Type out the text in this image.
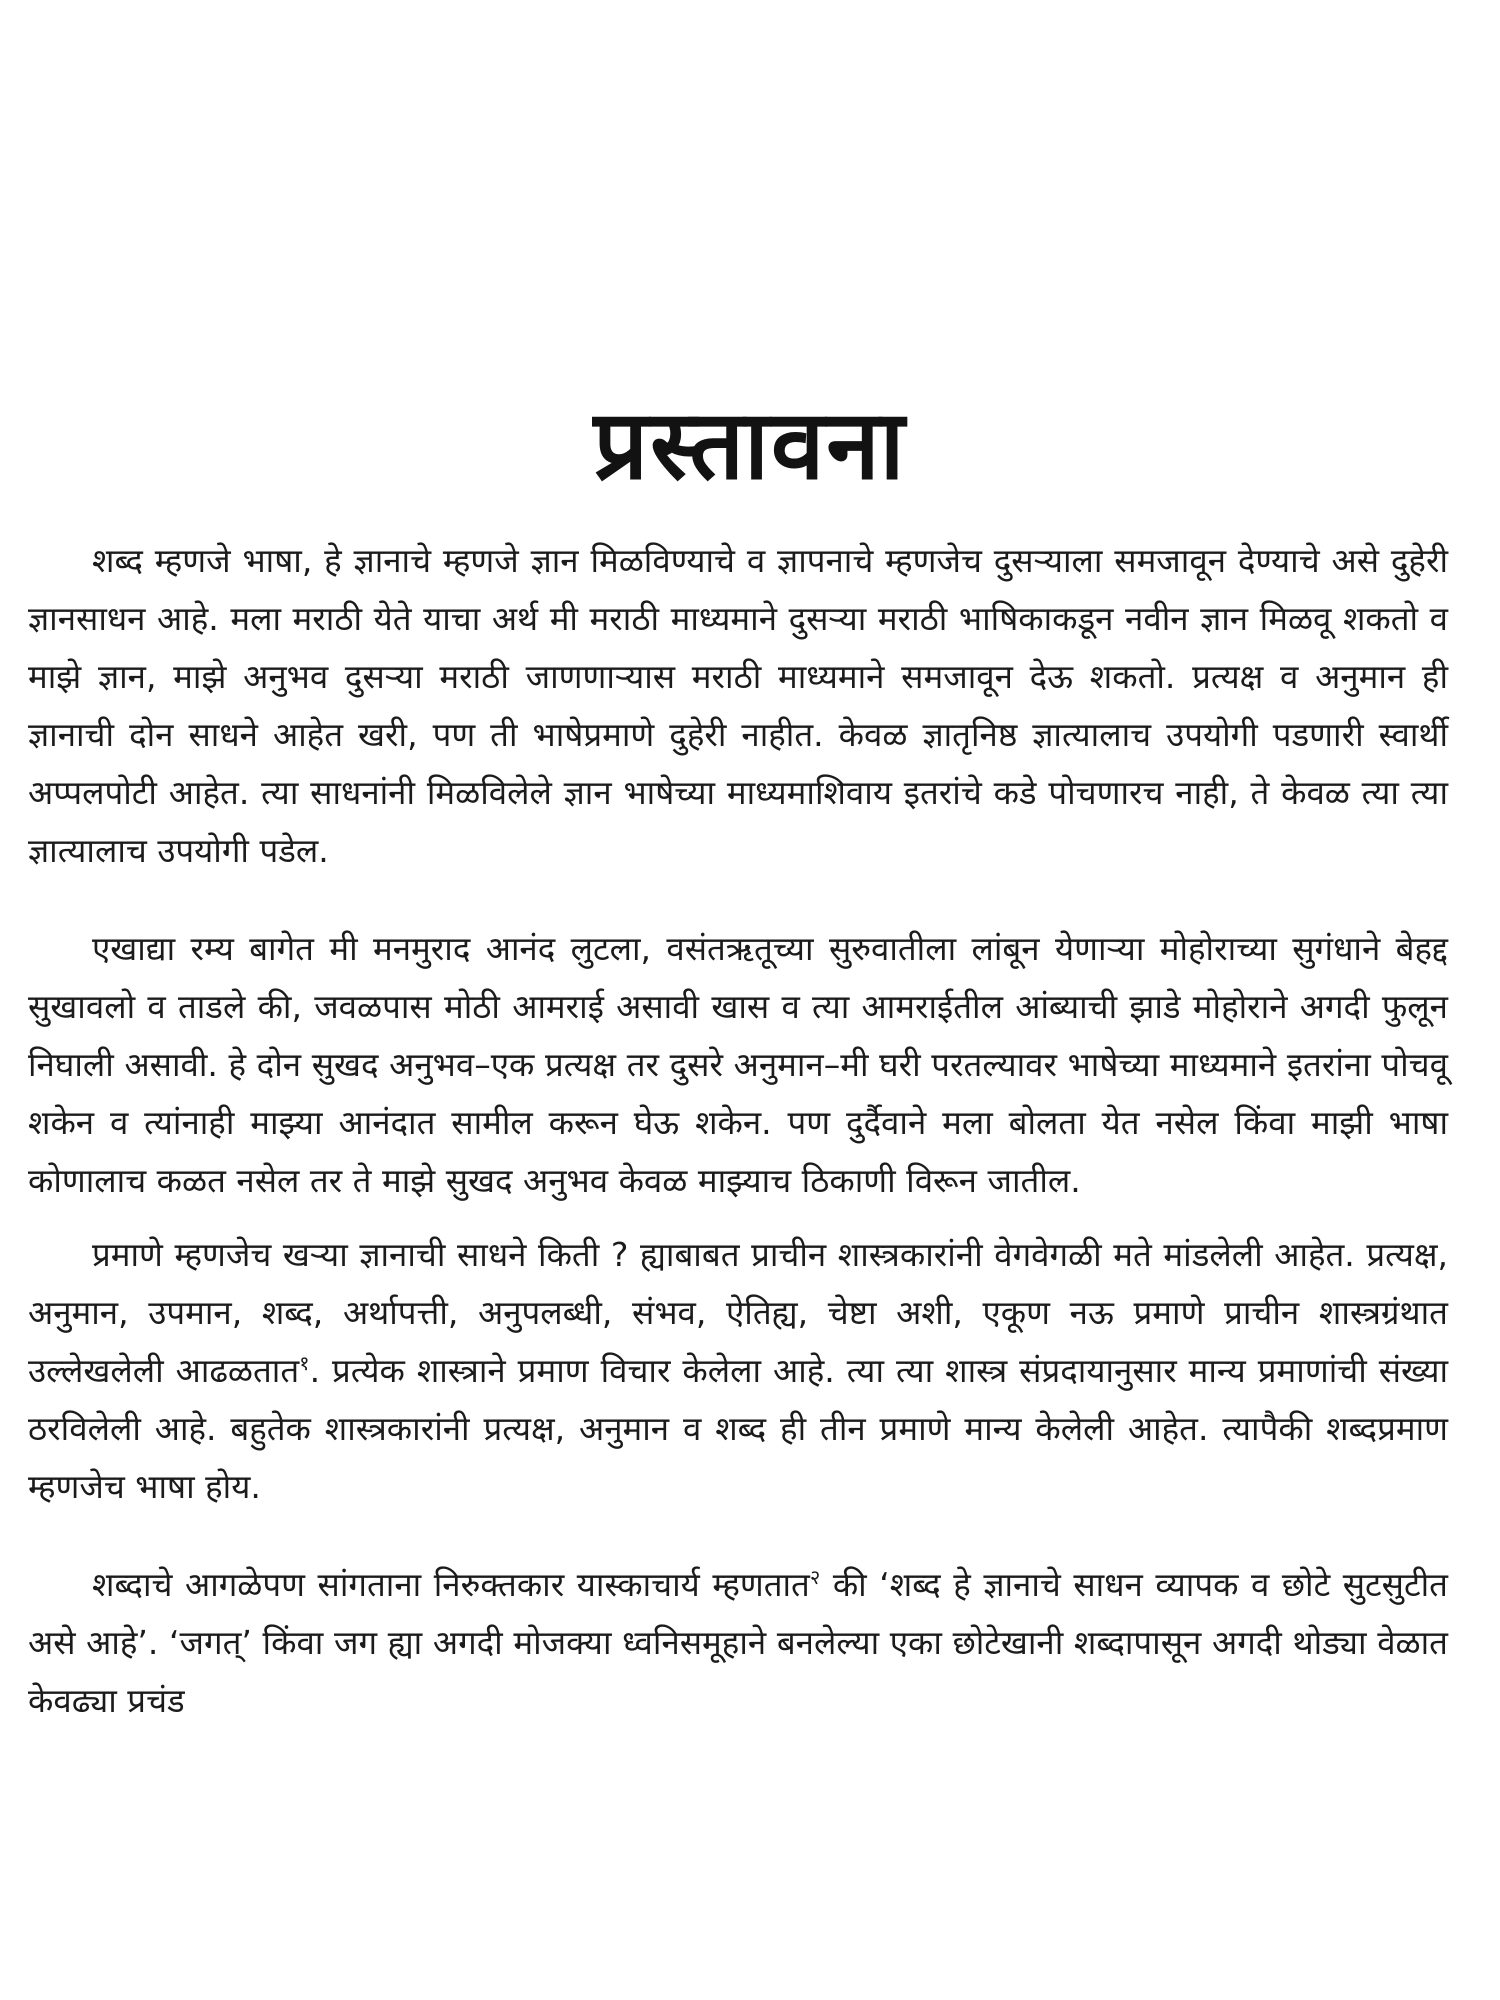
प्रस्तावना

शब्द म्हणजे भाषा, हे ज्ञानाचे म्हणजे ज्ञान मिळविण्याचे व ज्ञापनाचे म्हणजेच दुसऱ्याला समजावून देण्याचे असे दुहेरी ज्ञानसाधन आहे. मला मराठी येते याचा अर्थ मी मराठी माध्यमाने दुसऱ्या मराठी भाषिकाकडून नवीन ज्ञान मिळवू शकतो व माझे ज्ञान, माझे अनुभव दुसऱ्या मराठी जाणणाऱ्यास मराठी माध्यमाने समजावून देऊ शकतो. प्रत्यक्ष व अनुमान ही ज्ञानाची दोन साधने आहेत खरी, पण ती भाषेप्रमाणे दुहेरी नाहीत. केवळ ज्ञातृनिष्ठ ज्ञात्यालाच उपयोगी पडणारी स्वार्थी अप्पलपोटी आहेत. त्या साधनांनी मिळविलेले ज्ञान भाषेच्या माध्यमाशिवाय इतरांचे कडे पोचणारच नाही, ते केवळ त्या त्या ज्ञात्यालाच उपयोगी पडेल.

एखाद्या रम्य बागेत मी मनमुराद आनंद लुटला, वसंतऋतूच्या सुरुवातीला लांबून येणाऱ्या मोहोराच्या सुगंधाने बेहद्द सुखावलो व ताडले की, जवळपास मोठी आमराई असावी खास व त्या आमराईतील आंब्याची झाडे मोहोराने अगदी फुलून निघाली असावी. हे दोन सुखद अनुभव–एक प्रत्यक्ष तर दुसरे अनुमान–मी घरी परतल्यावर भाषेच्या माध्यमाने इतरांना पोचवू शकेन व त्यांनाही माझ्या आनंदात सामील करून घेऊ शकेन. पण दुर्दैवाने मला बोलता येत नसेल किंवा माझी भाषा कोणालाच कळत नसेल तर ते माझे सुखद अनुभव केवळ माझ्याच ठिकाणी विरून जातील.

प्रमाणे म्हणजेच खऱ्या ज्ञानाची साधने किती ? ह्याबाबत प्राचीन शास्त्रकारांनी वेगवेगळी मते मांडलेली आहेत. प्रत्यक्ष, अनुमान, उपमान, शब्द, अर्थापत्ती, अनुपलब्धी, संभव, ऐतिह्य, चेष्टा अशी, एकूण नऊ प्रमाणे प्राचीन शास्त्रग्रंथात उल्लेखलेली आढळतात$^१$. प्रत्येक शास्त्राने प्रमाण विचार केलेला आहे. त्या त्या शास्त्र संप्रदायानुसार मान्य प्रमाणांची संख्या ठरविलेली आहे. बहुतेक शास्त्रकारांनी प्रत्यक्ष, अनुमान व शब्द ही तीन प्रमाणे मान्य केलेली आहेत. त्यापैकी शब्दप्रमाण म्हणजेच भाषा होय.

शब्दाचे आगळेपण सांगताना निरुक्तकार यास्काचार्य म्हणतात$^२$ की ‘शब्द हे ज्ञानाचे साधन व्यापक व छोटे सुटसुटीत असे आहे’. ‘जगत्’ किंवा जग ह्या अगदी मोजक्या ध्वनिसमूहाने बनलेल्या एका छोटेखानी शब्दापासून अगदी थोड्या वेळात केवढ्या प्रचंड
